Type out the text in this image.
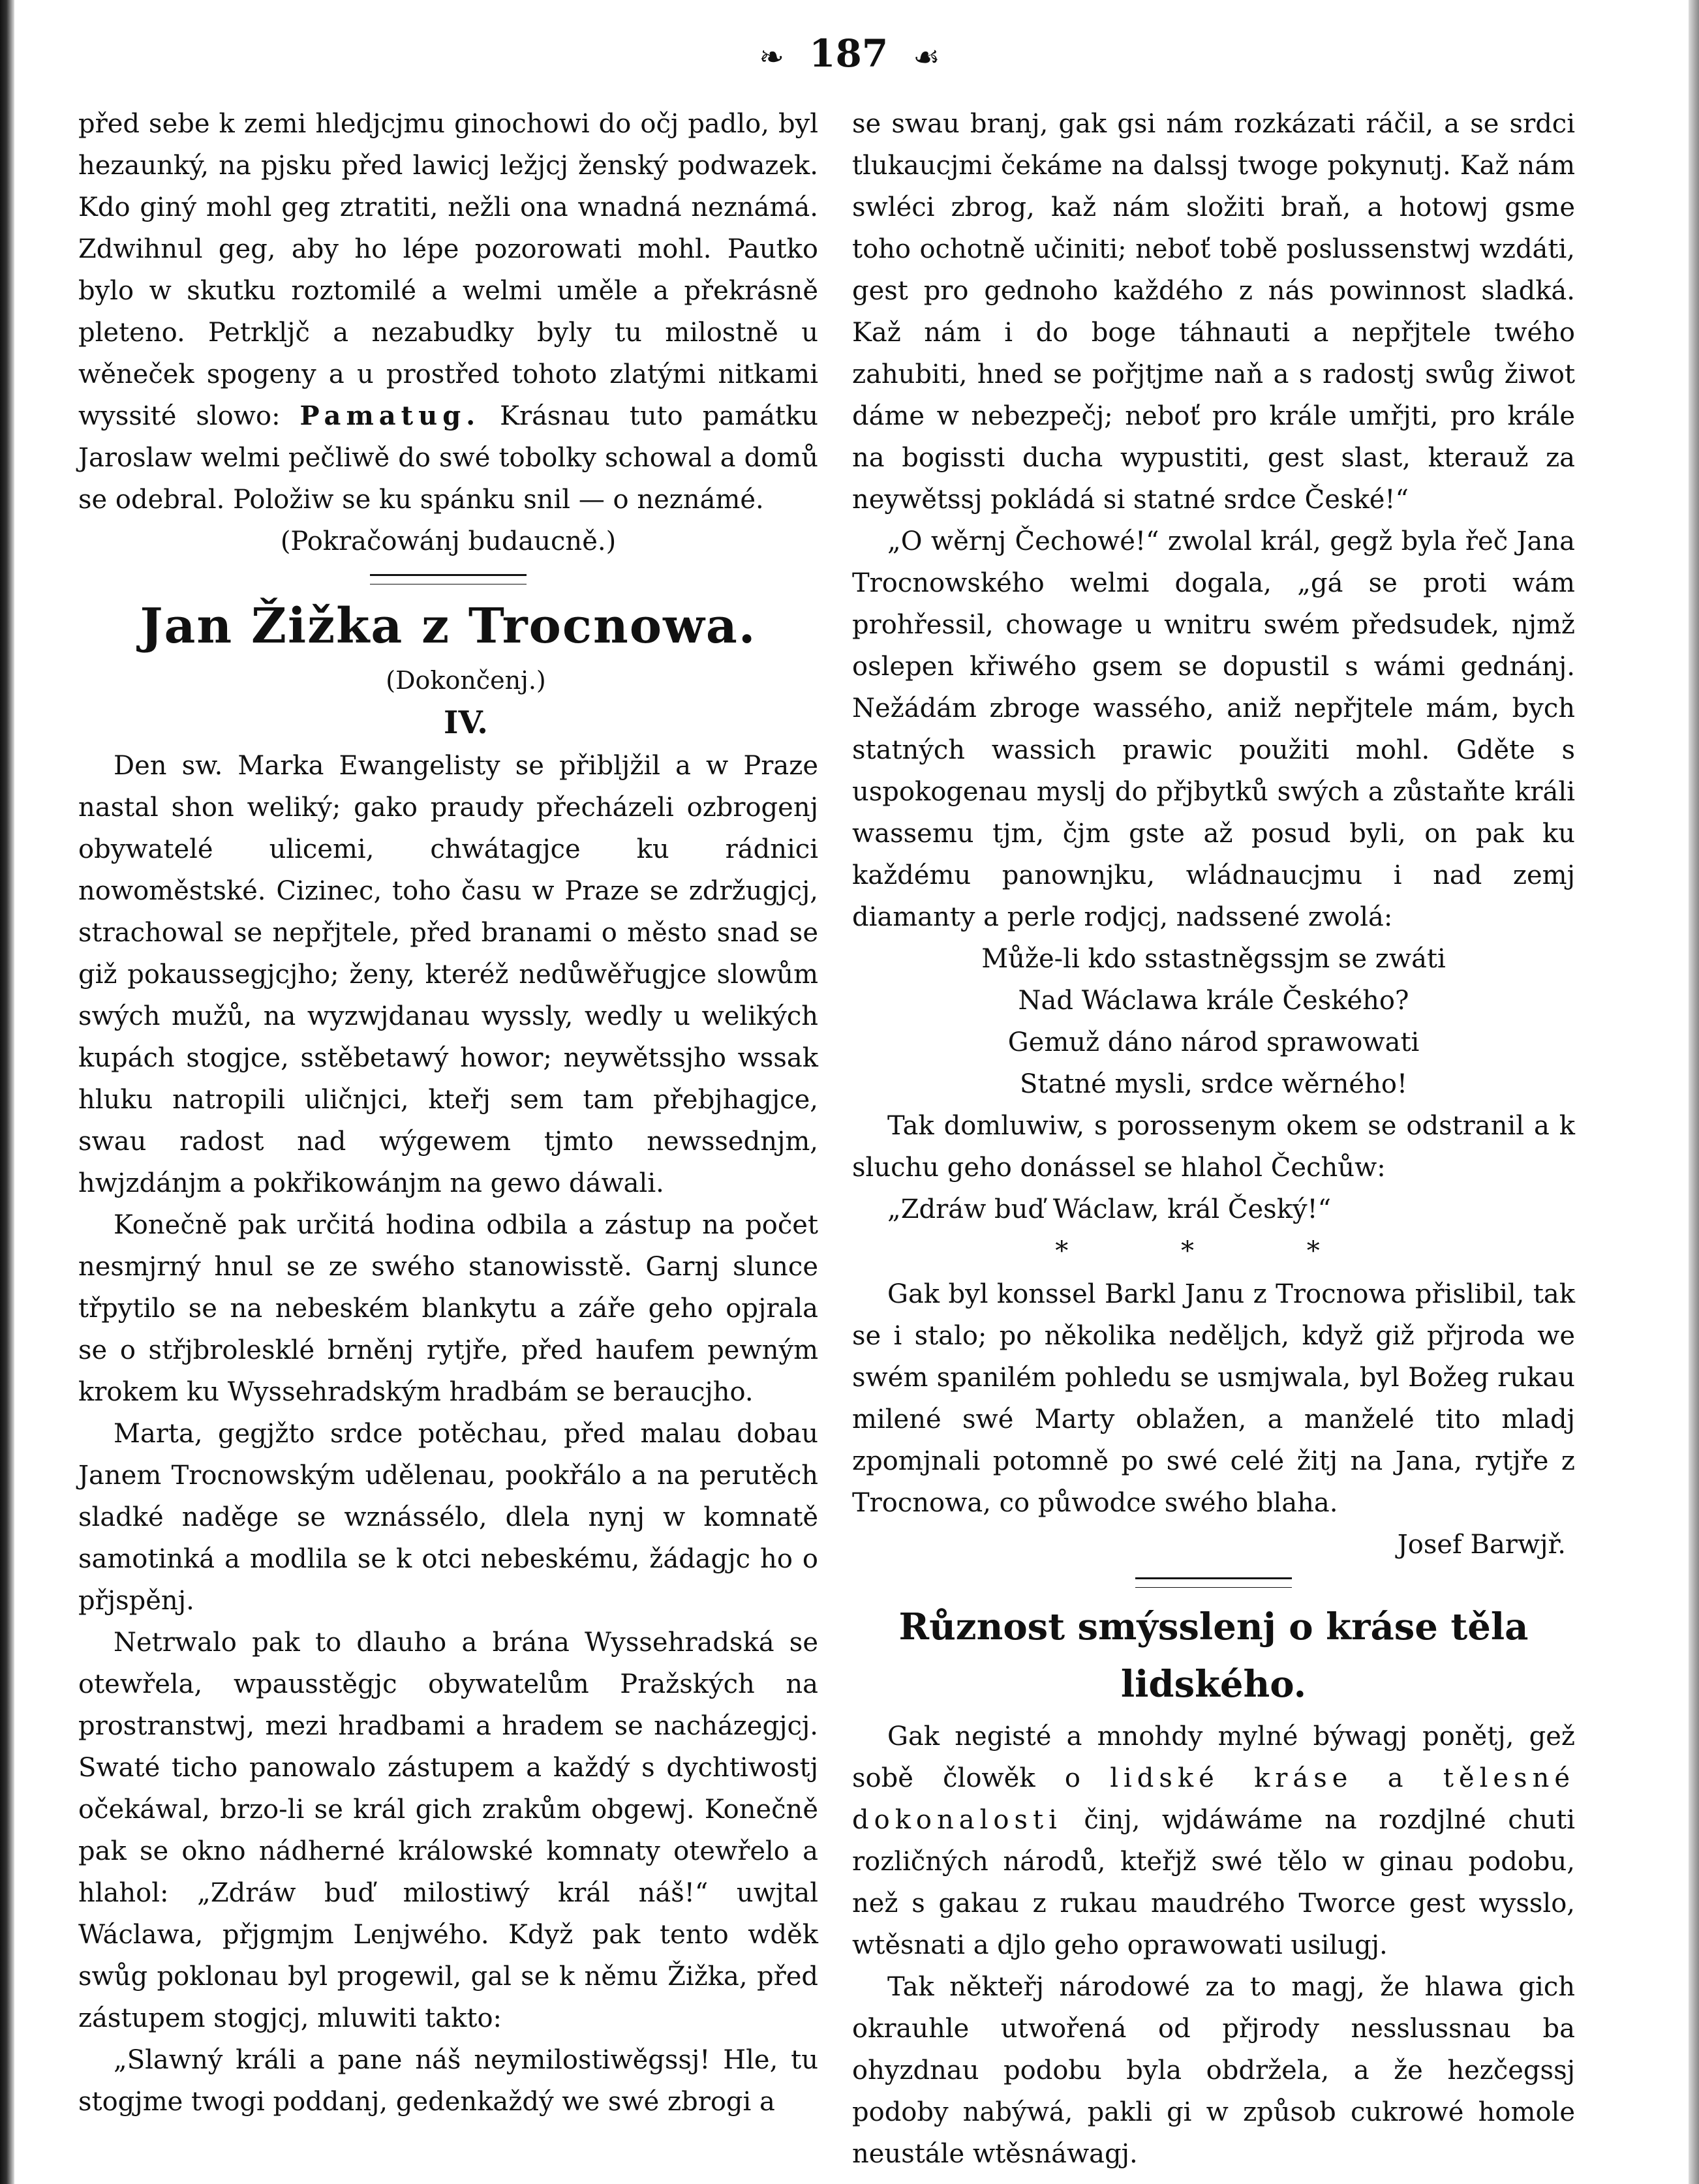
❧ 187 ☙

před sebe k zemi hledjcjmu ginochowi do očj padlo, byl hezaunký, na pjsku před lawicj ležjcj ženský podwazek. Kdo giný mohl geg ztratiti, nežli ona wnadná neznámá. Zdwihnul geg, aby ho lépe pozorowati mohl. Pautko bylo w skutku roztomilé a welmi uměle a překrásně pleteno. Petrkljč a nezabudky byly tu milostně u wěneček spogeny a u prostřed tohoto zlatými nitkami wyssité slowo: Pamatug. Krásnau tuto památku Jaroslaw welmi pečliwě do swé tobolky schowal a domů se odebral. Položiw se ku spánku snil — o neznámé.

(Pokračowánj budaucně.)

Jan Žižka z Trocnowa.

(Dokončenj.)

IV.

Den sw. Marka Ewangelisty se přibljžil a w Praze nastal shon weliký; gako praudy přecházeli ozbrogenj obywatelé ulicemi, chwátagjce ku rádnici nowoměstské. Cizinec, toho času w Praze se zdržugjcj, strachowal se nepřjtele, před branami o město snad se giž pokaussegjcjho; ženy, kteréž nedůwěřugjce slowům swých mužů, na wyzwjdanau wyssly, wedly u welikých kupách stogjce, sstěbetawý howor; neywětssjho wssak hluku natropili uličnjci, kteřj sem tam přebjhagjce, swau radost nad wýgewem tjmto newssednjm, hwjzdánjm a pokřikowánjm na gewo dáwali.

Konečně pak určitá hodina odbila a zástup na počet nesmjrný hnul se ze swého stanowisstě. Garnj slunce třpytilo se na nebeském blankytu a záře geho opjrala se o střjbrolesklé brněnj rytjře, před haufem pewným krokem ku Wyssehradským hradbám se beraucjho.

Marta, gegjžto srdce potěchau, před malau dobau Janem Trocnowským udělenau, pookřálo a na perutěch sladké naděge se wznássélo, dlela nynj w komnatě samotinká a modlila se k otci nebeskému, žádagjc ho o přjspěnj.

Netrwalo pak to dlauho a brána Wyssehradská se otewřela, wpausstěgjc obywatelům Pražských na prostranstwj, mezi hradbami a hradem se nacházegjcj. Swaté ticho panowalo zástupem a každý s dychtiwostj očekáwal, brzo-li se král gich zrakům obgewj. Konečně pak se okno nádherné králowské komnaty otewřelo a hlahol: „Zdráw buď milostiwý král náš!“ uwjtal Wáclawa, přjgmjm Lenjwého. Když pak tento wděk swůg poklonau byl progewil, gal se k němu Žižka, před zástupem stogjcj, mluwiti takto:

„Slawný králi a pane náš neymilostiwěgssj! Hle, tu stogjme twogi poddanj, gedenkaždý we swé zbrogi a

se swau branj, gak gsi nám rozkázati ráčil, a se srdci tlukaucjmi čekáme na dalssj twoge pokynutj. Kaž nám swléci zbrog, kaž nám složiti braň, a hotowj gsme toho ochotně učiniti; neboť tobě poslussenstwj wzdáti, gest pro gednoho každého z nás powinnost sladká. Kaž nám i do boge táhnauti a nepřjtele twého zahubiti, hned se pořjtjme naň a s radostj swůg žiwot dáme w nebezpečj; neboť pro krále umřjti, pro krále na bogissti ducha wypustiti, gest slast, kterauž za neywětssj pokládá si statné srdce České!“

„O wěrnj Čechowé!“ zwolal král, gegž byla řeč Jana Trocnowského welmi dogala, „gá se proti wám prohřessil, chowage u wnitru swém předsudek, njmž oslepen křiwého gsem se dopustil s wámi gednánj. Nežádám zbroge wassého, aniž nepřjtele mám, bych statných wassich prawic použiti mohl. Gděte s uspokogenau myslj do přjbytků swých a zůstaňte králi wassemu tjm, čjm gste až posud byli, on pak ku každému panownjku, wládnaucjmu i nad zemj diamanty a perle rodjcj, nadssené zwolá:

Může-li kdo sstastněgssjm se zwáti

Nad Wáclawa krále Českého?

Gemuž dáno národ sprawowati

Statné mysli, srdce wěrného!

Tak domluwiw, s porossenym okem se odstranil a k sluchu geho donássel se hlahol Čechůw:

„Zdráw buď Wáclaw, král Český!“

* * *

Gak byl konssel Barkl Janu z Trocnowa přislibil, tak se i stalo; po několika neděljch, když giž přjroda we swém spanilém pohledu se usmjwala, byl Božeg rukau milené swé Marty oblažen, a manželé tito mladj zpomjnali potomně po swé celé žitj na Jana, rytjře z Trocnowa, co půwodce swého blaha.

Josef Barwjř.

Různost smýsslenj o kráse těla lidského.

Gak negisté a mnohdy mylné býwagj ponětj, gež sobě člowěk o lidské kráse a tělesné dokonalosti činj, wjdáwáme na rozdjlné chuti rozličných národů, kteřjž swé tělo w ginau podobu, než s gakau z rukau maudrého Tworce gest wysslo, wtěsnati a djlo geho oprawowati usilugj.

Tak někteřj národowé za to magj, že hlawa gich okrauhle utwořená od přjrody nesslussnau ba ohyzdnau podobu byla obdržela, a že hezčegssj podoby nabýwá, pakli gi w způsob cukrowé homole neustále wtěsnáwagj.
